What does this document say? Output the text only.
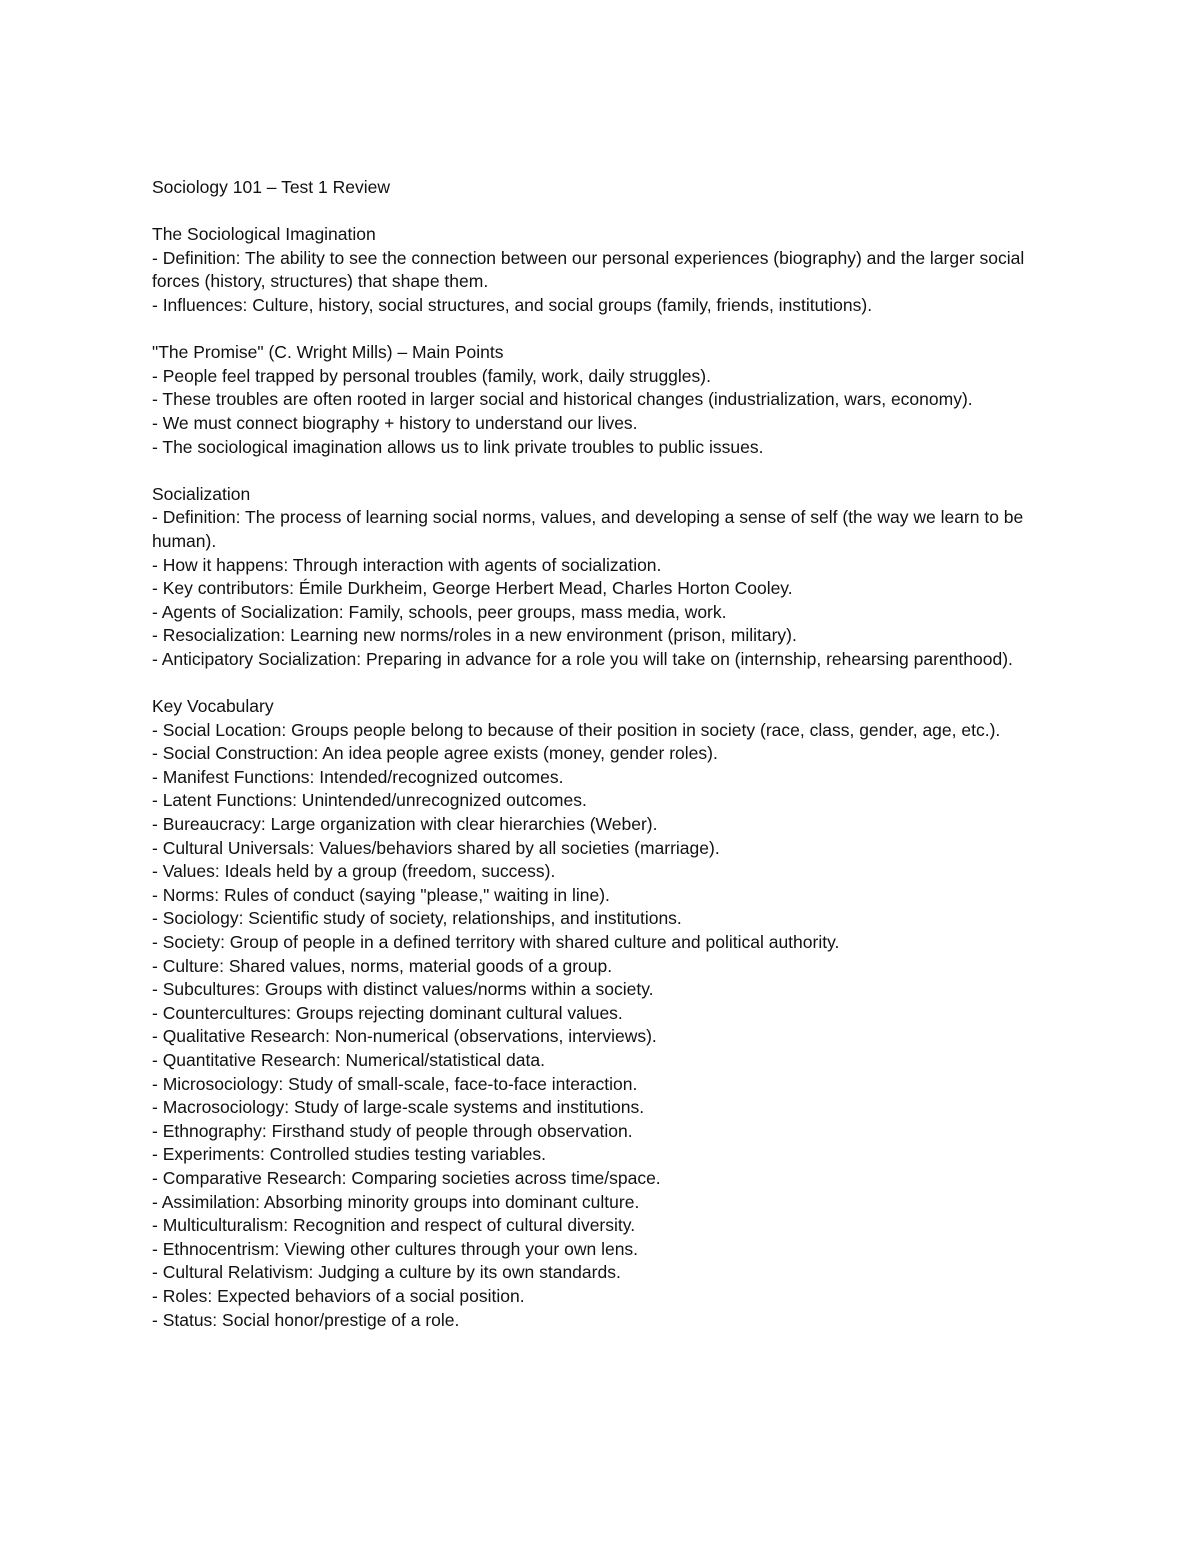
Sociology 101 – Test 1 Review

The Sociological Imagination

- Definition: The ability to see the connection between our personal experiences (biography) and the larger social forces (history, structures) that shape them.

- Influences: Culture, history, social structures, and social groups (family, friends, institutions).

"The Promise" (C. Wright Mills) – Main Points

- People feel trapped by personal troubles (family, work, daily struggles).

- These troubles are often rooted in larger social and historical changes (industrialization, wars, economy).

- We must connect biography + history to understand our lives.

- The sociological imagination allows us to link private troubles to public issues.

Socialization

- Definition: The process of learning social norms, values, and developing a sense of self (the way we learn to be human).

- How it happens: Through interaction with agents of socialization.

- Key contributors: Émile Durkheim, George Herbert Mead, Charles Horton Cooley.

- Agents of Socialization: Family, schools, peer groups, mass media, work.

- Resocialization: Learning new norms/roles in a new environment (prison, military).

- Anticipatory Socialization: Preparing in advance for a role you will take on (internship, rehearsing parenthood).

Key Vocabulary

- Social Location: Groups people belong to because of their position in society (race, class, gender, age, etc.).

- Social Construction: An idea people agree exists (money, gender roles).

- Manifest Functions: Intended/recognized outcomes.

- Latent Functions: Unintended/unrecognized outcomes.

- Bureaucracy: Large organization with clear hierarchies (Weber).

- Cultural Universals: Values/behaviors shared by all societies (marriage).

- Values: Ideals held by a group (freedom, success).

- Norms: Rules of conduct (saying "please," waiting in line).

- Sociology: Scientific study of society, relationships, and institutions.

- Society: Group of people in a defined territory with shared culture and political authority.

- Culture: Shared values, norms, material goods of a group.

- Subcultures: Groups with distinct values/norms within a society.

- Countercultures: Groups rejecting dominant cultural values.

- Qualitative Research: Non-numerical (observations, interviews).

- Quantitative Research: Numerical/statistical data.

- Microsociology: Study of small-scale, face-to-face interaction.

- Macrosociology: Study of large-scale systems and institutions.

- Ethnography: Firsthand study of people through observation.

- Experiments: Controlled studies testing variables.

- Comparative Research: Comparing societies across time/space.

- Assimilation: Absorbing minority groups into dominant culture.

- Multiculturalism: Recognition and respect of cultural diversity.

- Ethnocentrism: Viewing other cultures through your own lens.

- Cultural Relativism: Judging a culture by its own standards.

- Roles: Expected behaviors of a social position.

- Status: Social honor/prestige of a role.
